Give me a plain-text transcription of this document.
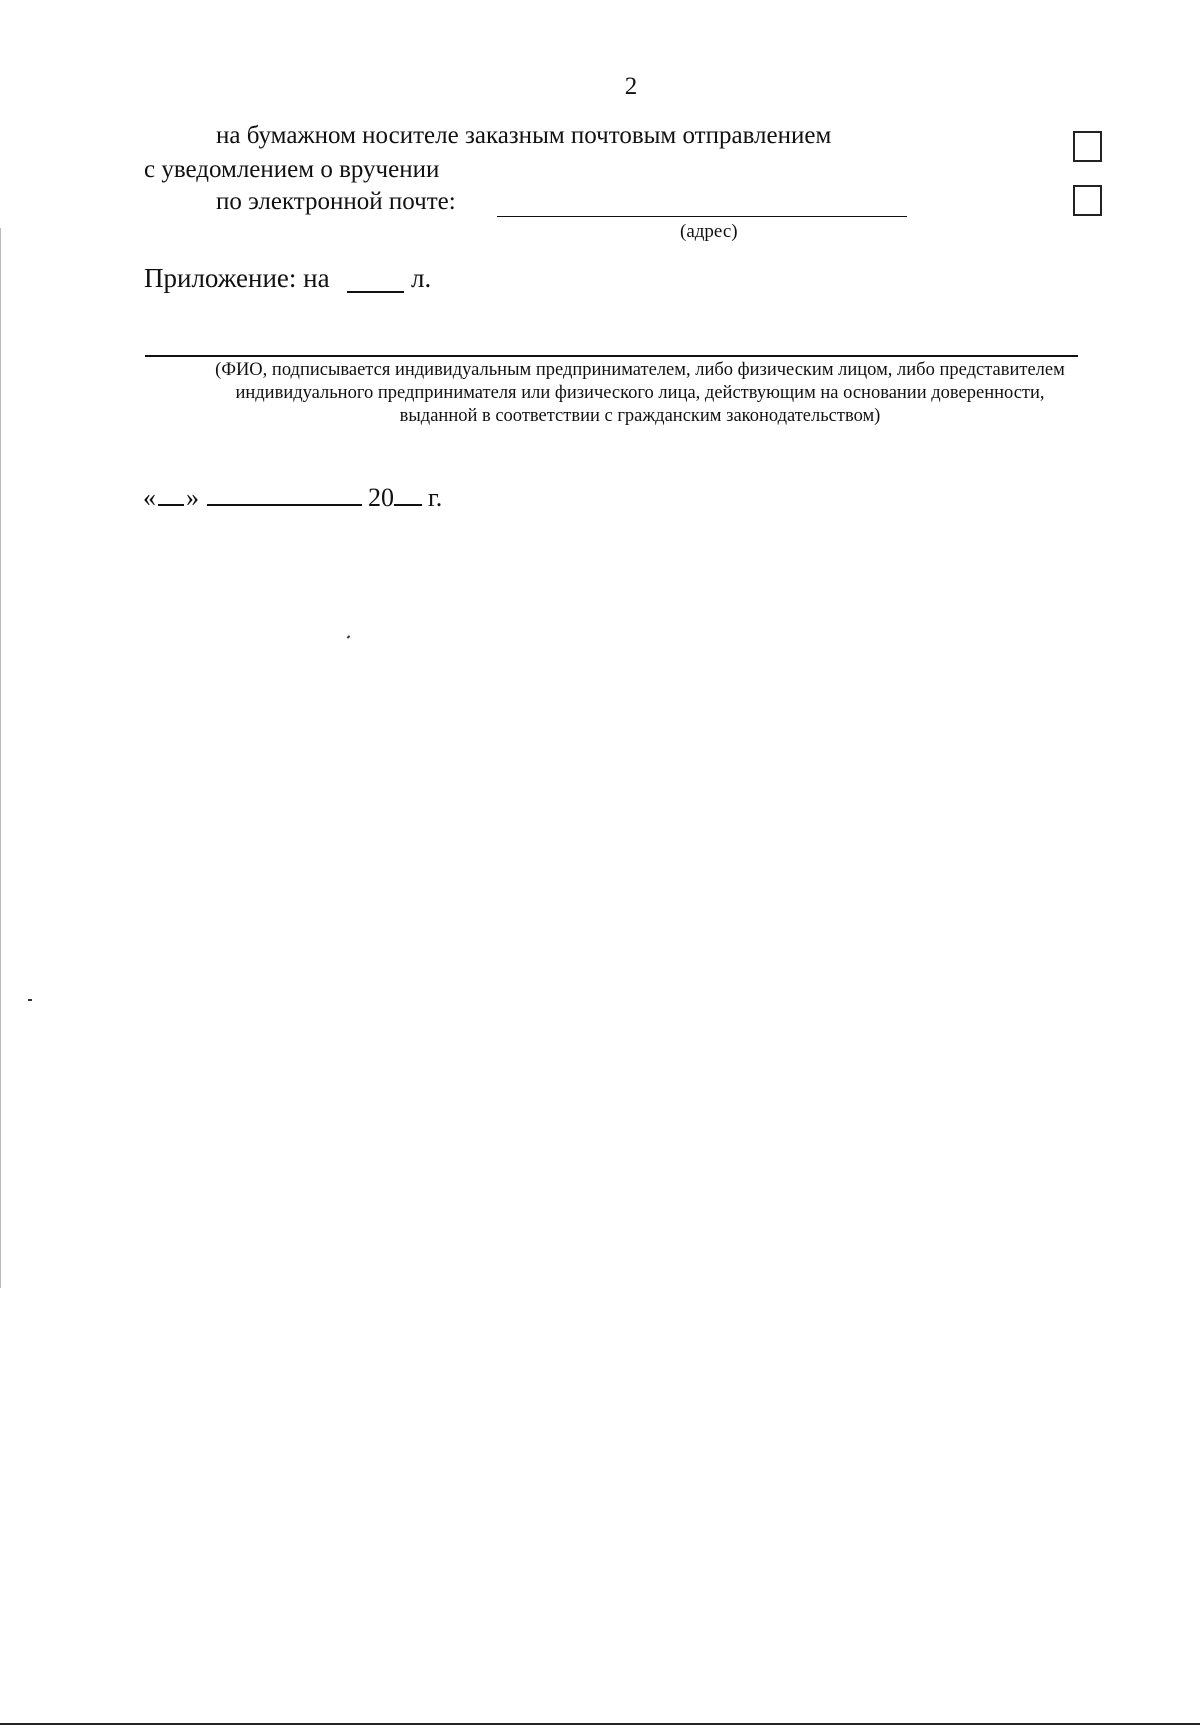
2
на бумажном носителе заказным почтовым отправлением
с уведомлением о вручении
по электронной почте:
(адрес)
Приложение: на	л.
(ФИО, подписывается индивидуальным предпринимателем, либо физическим лицом, либо представителем
индивидуального предпринимателя или физического лица, действующим на основании доверенности,
выданной в соответствии с гражданским законодательством)
« »	20 г.
